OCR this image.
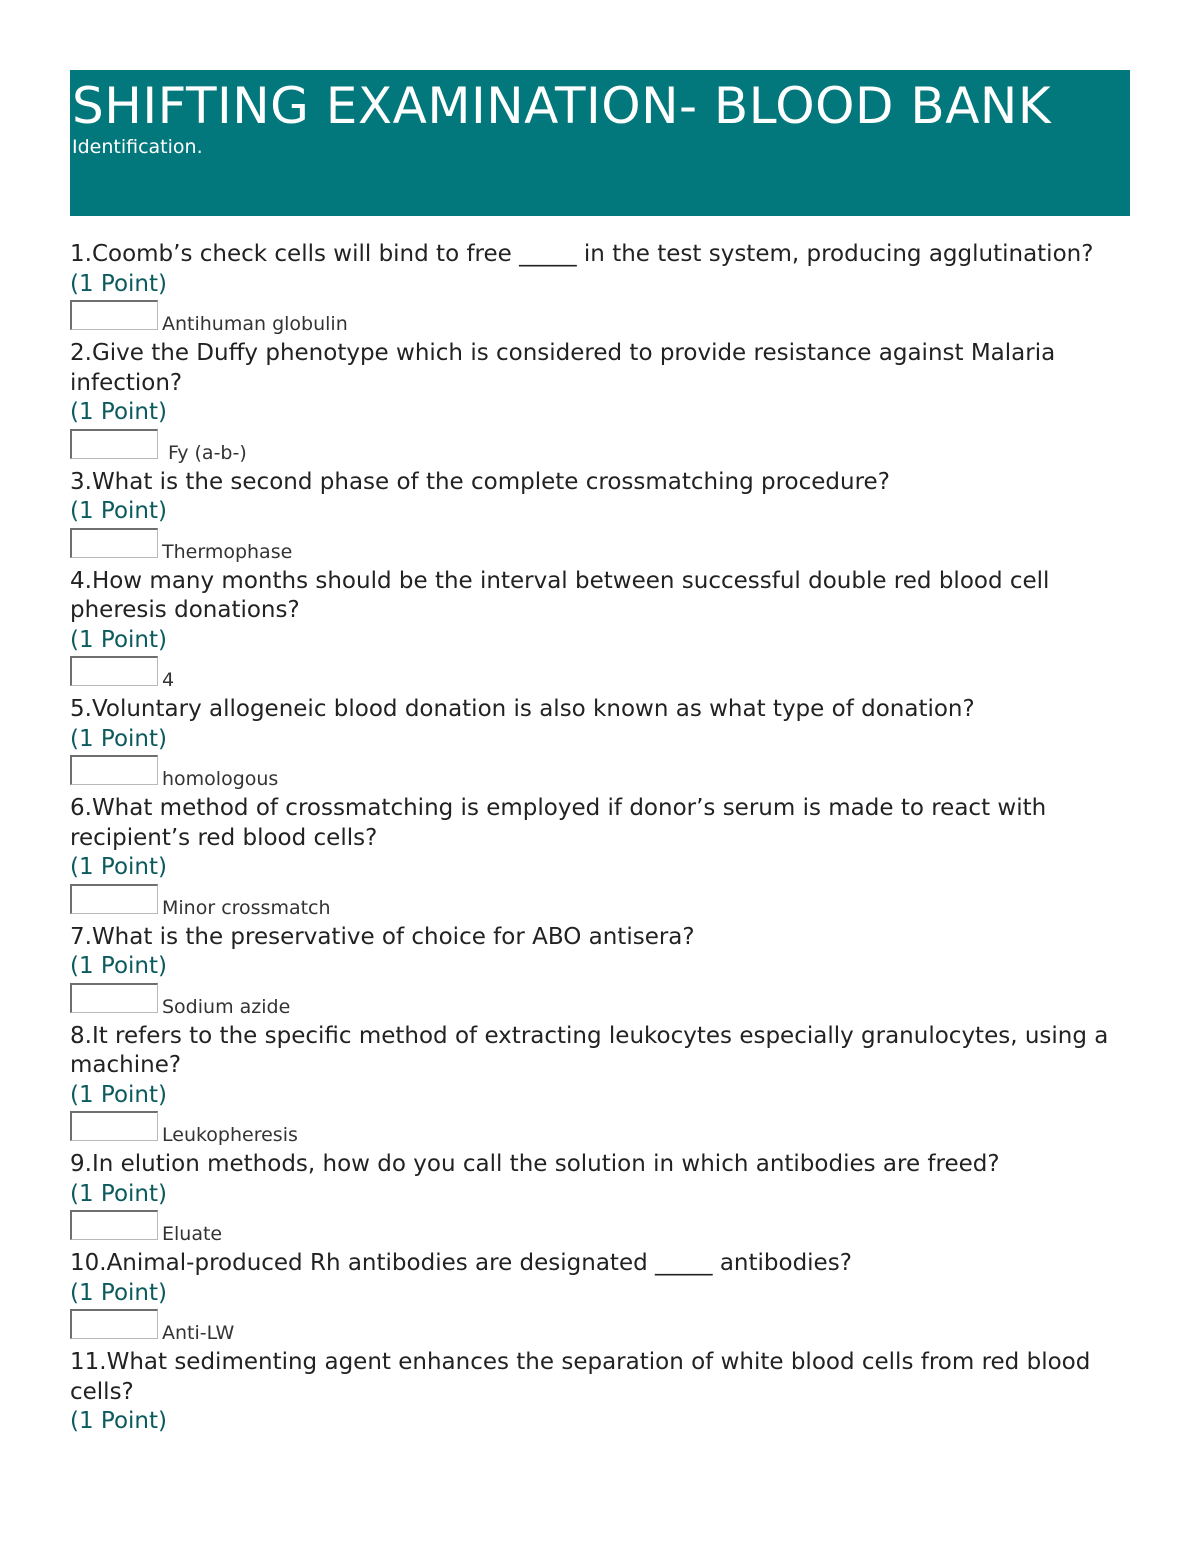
SHIFTING EXAMINATION- BLOOD BANK
Identification.

1.Coomb’s check cells will bind to free _____ in the test system, producing agglutination?

(1 Point)

Antihuman globulin

2.Give the Duffy phenotype which is considered to provide resistance against Malaria infection?

(1 Point)

Fy (a-b-)

3.What is the second phase of the complete crossmatching procedure?

(1 Point)

Thermophase

4.How many months should be the interval between successful double red blood cell pheresis donations?

(1 Point)

4

5.Voluntary allogeneic blood donation is also known as what type of donation?

(1 Point)

homologous

6.What method of crossmatching is employed if donor’s serum is made to react with recipient’s red blood cells?

(1 Point)

Minor crossmatch

7.What is the preservative of choice for ABO antisera?

(1 Point)

Sodium azide

8.It refers to the specific method of extracting leukocytes especially granulocytes, using a machine?

(1 Point)

Leukopheresis

9.In elution methods, how do you call the solution in which antibodies are freed?

(1 Point)

Eluate

10.Animal-produced Rh antibodies are designated _____ antibodies?

(1 Point)

Anti-LW

11.What sedimenting agent enhances the separation of white blood cells from red blood cells?

(1 Point)
